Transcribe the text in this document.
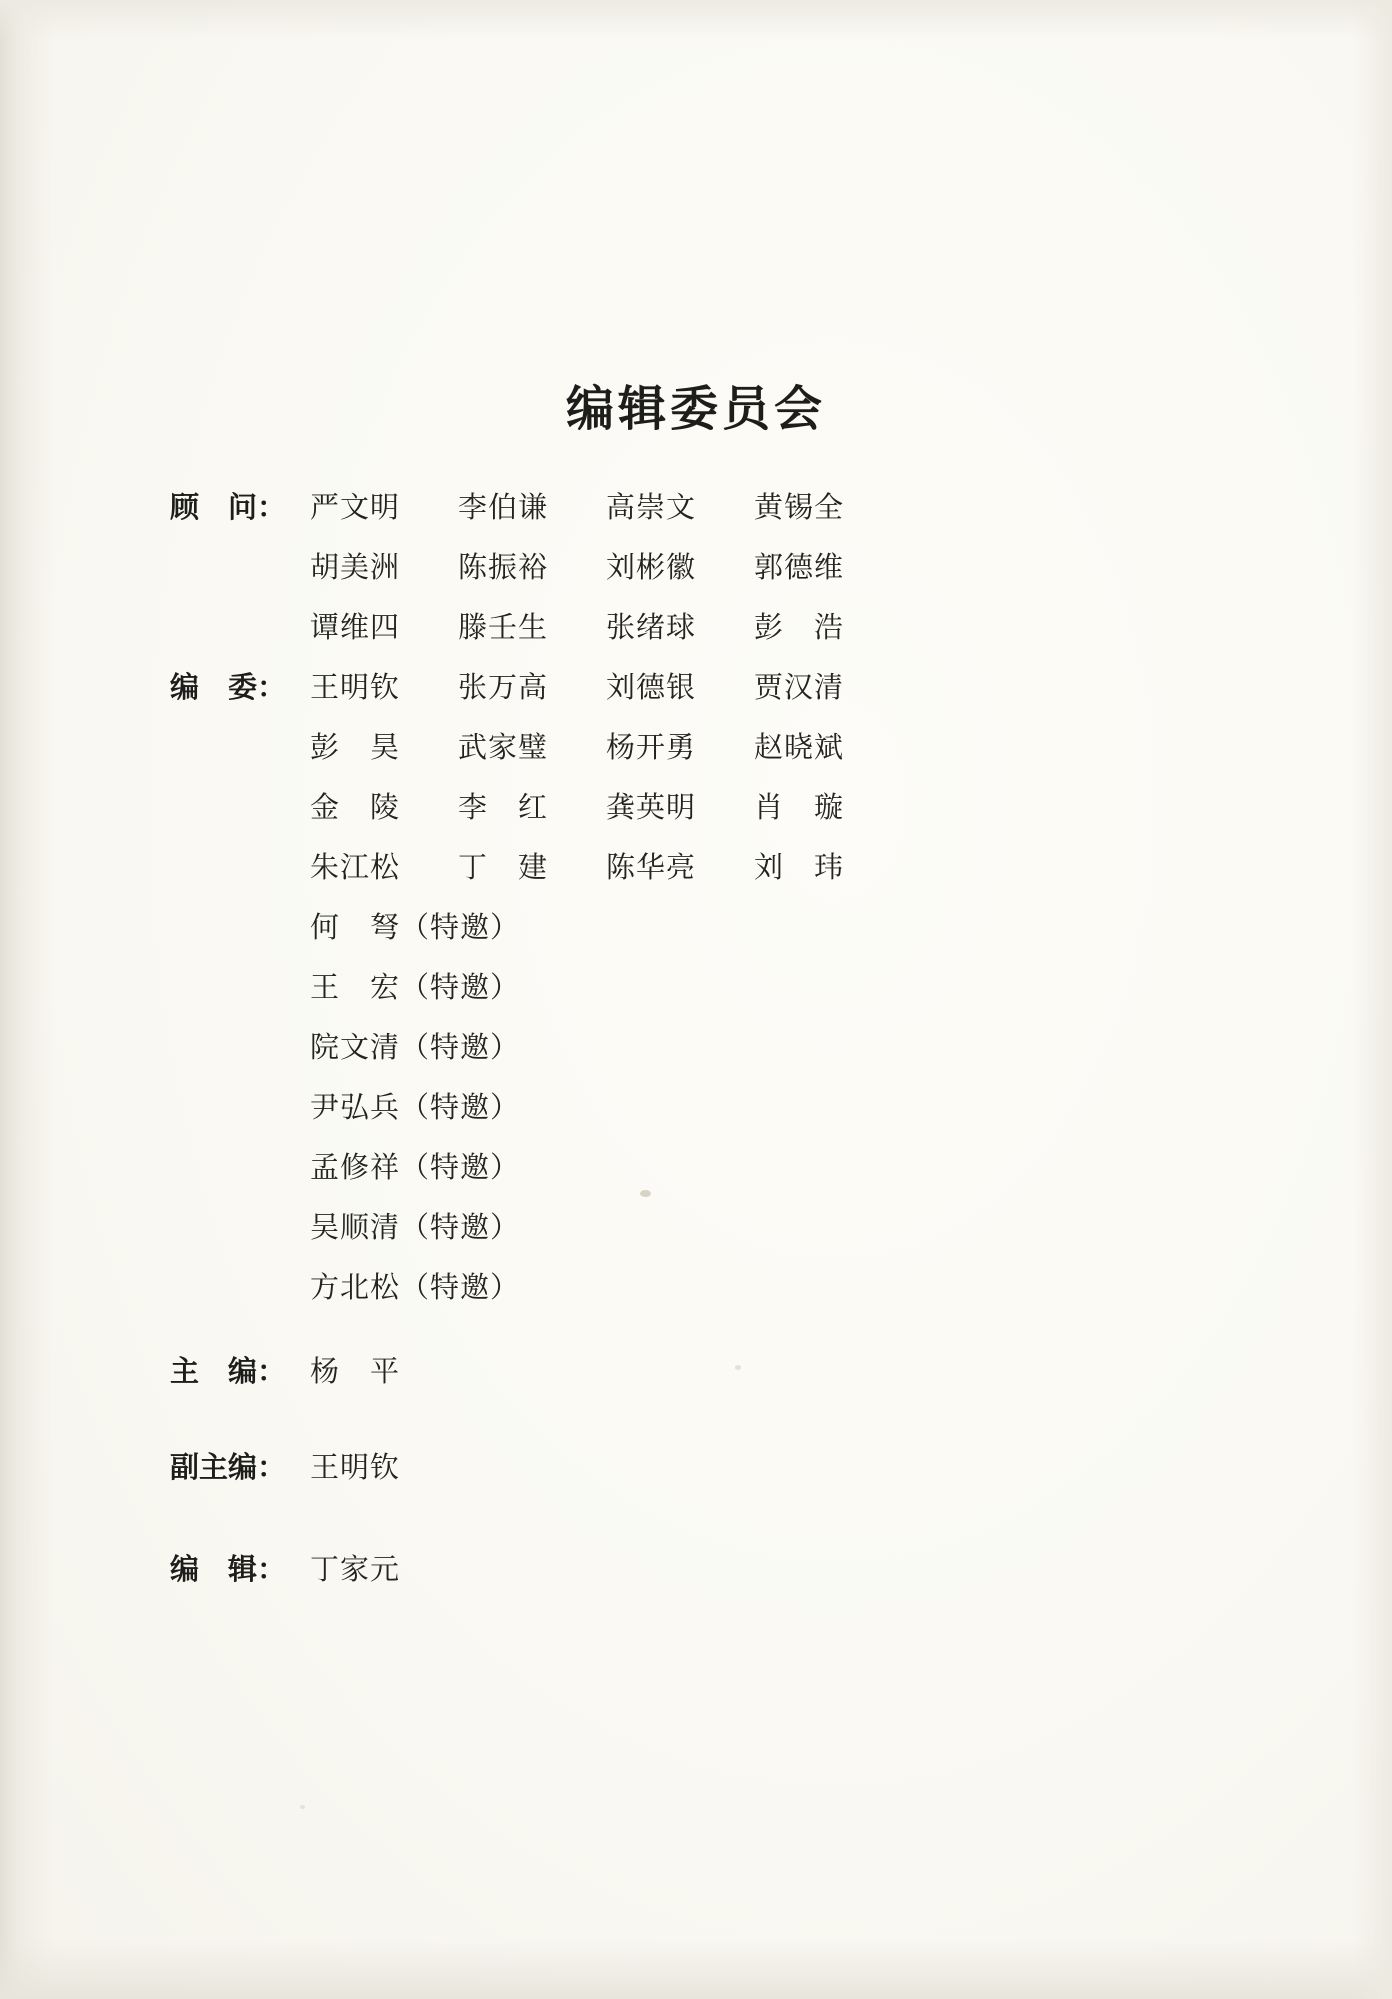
编辑委员会
顾　问： 严文明	李伯谦	高崇文	黄锡全
胡美洲	陈振裕	刘彬徽	郭德维
谭维四	滕壬生	张绪球	彭　浩
编　委： 王明钦	张万高	刘德银	贾汉清
彭　昊	武家璧	杨开勇	赵晓斌
金　陵	李　红	龚英明	肖　璇
朱江松	丁　建	陈华亮	刘　玮
何　弩（特邀）
王　宏（特邀）
院文清（特邀）
尹弘兵（特邀）
孟修祥（特邀）
吴顺清（特邀）
方北松（特邀）
主　编： 杨　平
副主编： 王明钦
编　辑： 丁家元
